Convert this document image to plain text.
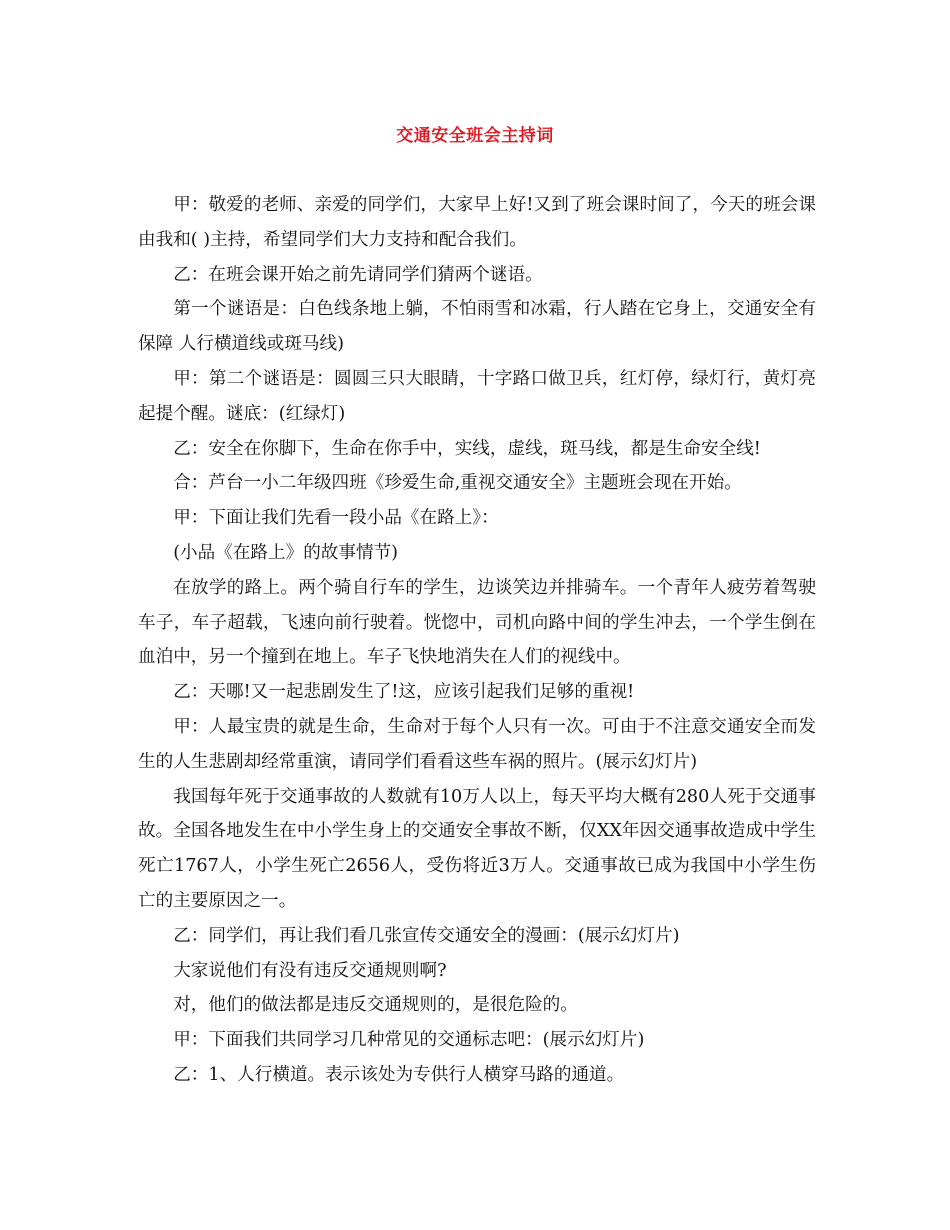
交通安全班会主持词

甲：敬爱的老师、亲爱的同学们，大家早上好!又到了班会课时间了，今天的班会课由我和( )主持，希望同学们大力支持和配合我们。

乙：在班会课开始之前先请同学们猜两个谜语。

第一个谜语是：白色线条地上躺，不怕雨雪和冰霜，行人踏在它身上，交通安全有保障 人行横道线或斑马线)

甲：第二个谜语是：圆圆三只大眼睛，十字路口做卫兵，红灯停，绿灯行，黄灯亮起提个醒。谜底：(红绿灯)

乙：安全在你脚下，生命在你手中，实线，虚线，斑马线，都是生命安全线!

合：芦台一小二年级四班《珍爱生命,重视交通安全》主题班会现在开始。

甲：下面让我们先看一段小品《在路上》：

(小品《在路上》的故事情节)

在放学的路上。两个骑自行车的学生，边谈笑边并排骑车。一个青年人疲劳着驾驶车子，车子超载，飞速向前行驶着。恍惚中，司机向路中间的学生冲去，一个学生倒在血泊中，另一个撞到在地上。车子飞快地消失在人们的视线中。

乙：天哪!又一起悲剧发生了!这，应该引起我们足够的重视!

甲：人最宝贵的就是生命，生命对于每个人只有一次。可由于不注意交通安全而发生的人生悲剧却经常重演，请同学们看看这些车祸的照片。(展示幻灯片)

我国每年死于交通事故的人数就有10万人以上，每天平均大概有280人死于交通事故。全国各地发生在中小学生身上的交通安全事故不断，仅XX年因交通事故造成中学生死亡1767人，小学生死亡2656人，受伤将近3万人。交通事故已成为我国中小学生伤亡的主要原因之一。

乙：同学们，再让我们看几张宣传交通安全的漫画：(展示幻灯片)

大家说他们有没有违反交通规则啊?

对，他们的做法都是违反交通规则的，是很危险的。

甲：下面我们共同学习几种常见的交通标志吧：(展示幻灯片)

乙：1、人行横道。表示该处为专供行人横穿马路的通道。
